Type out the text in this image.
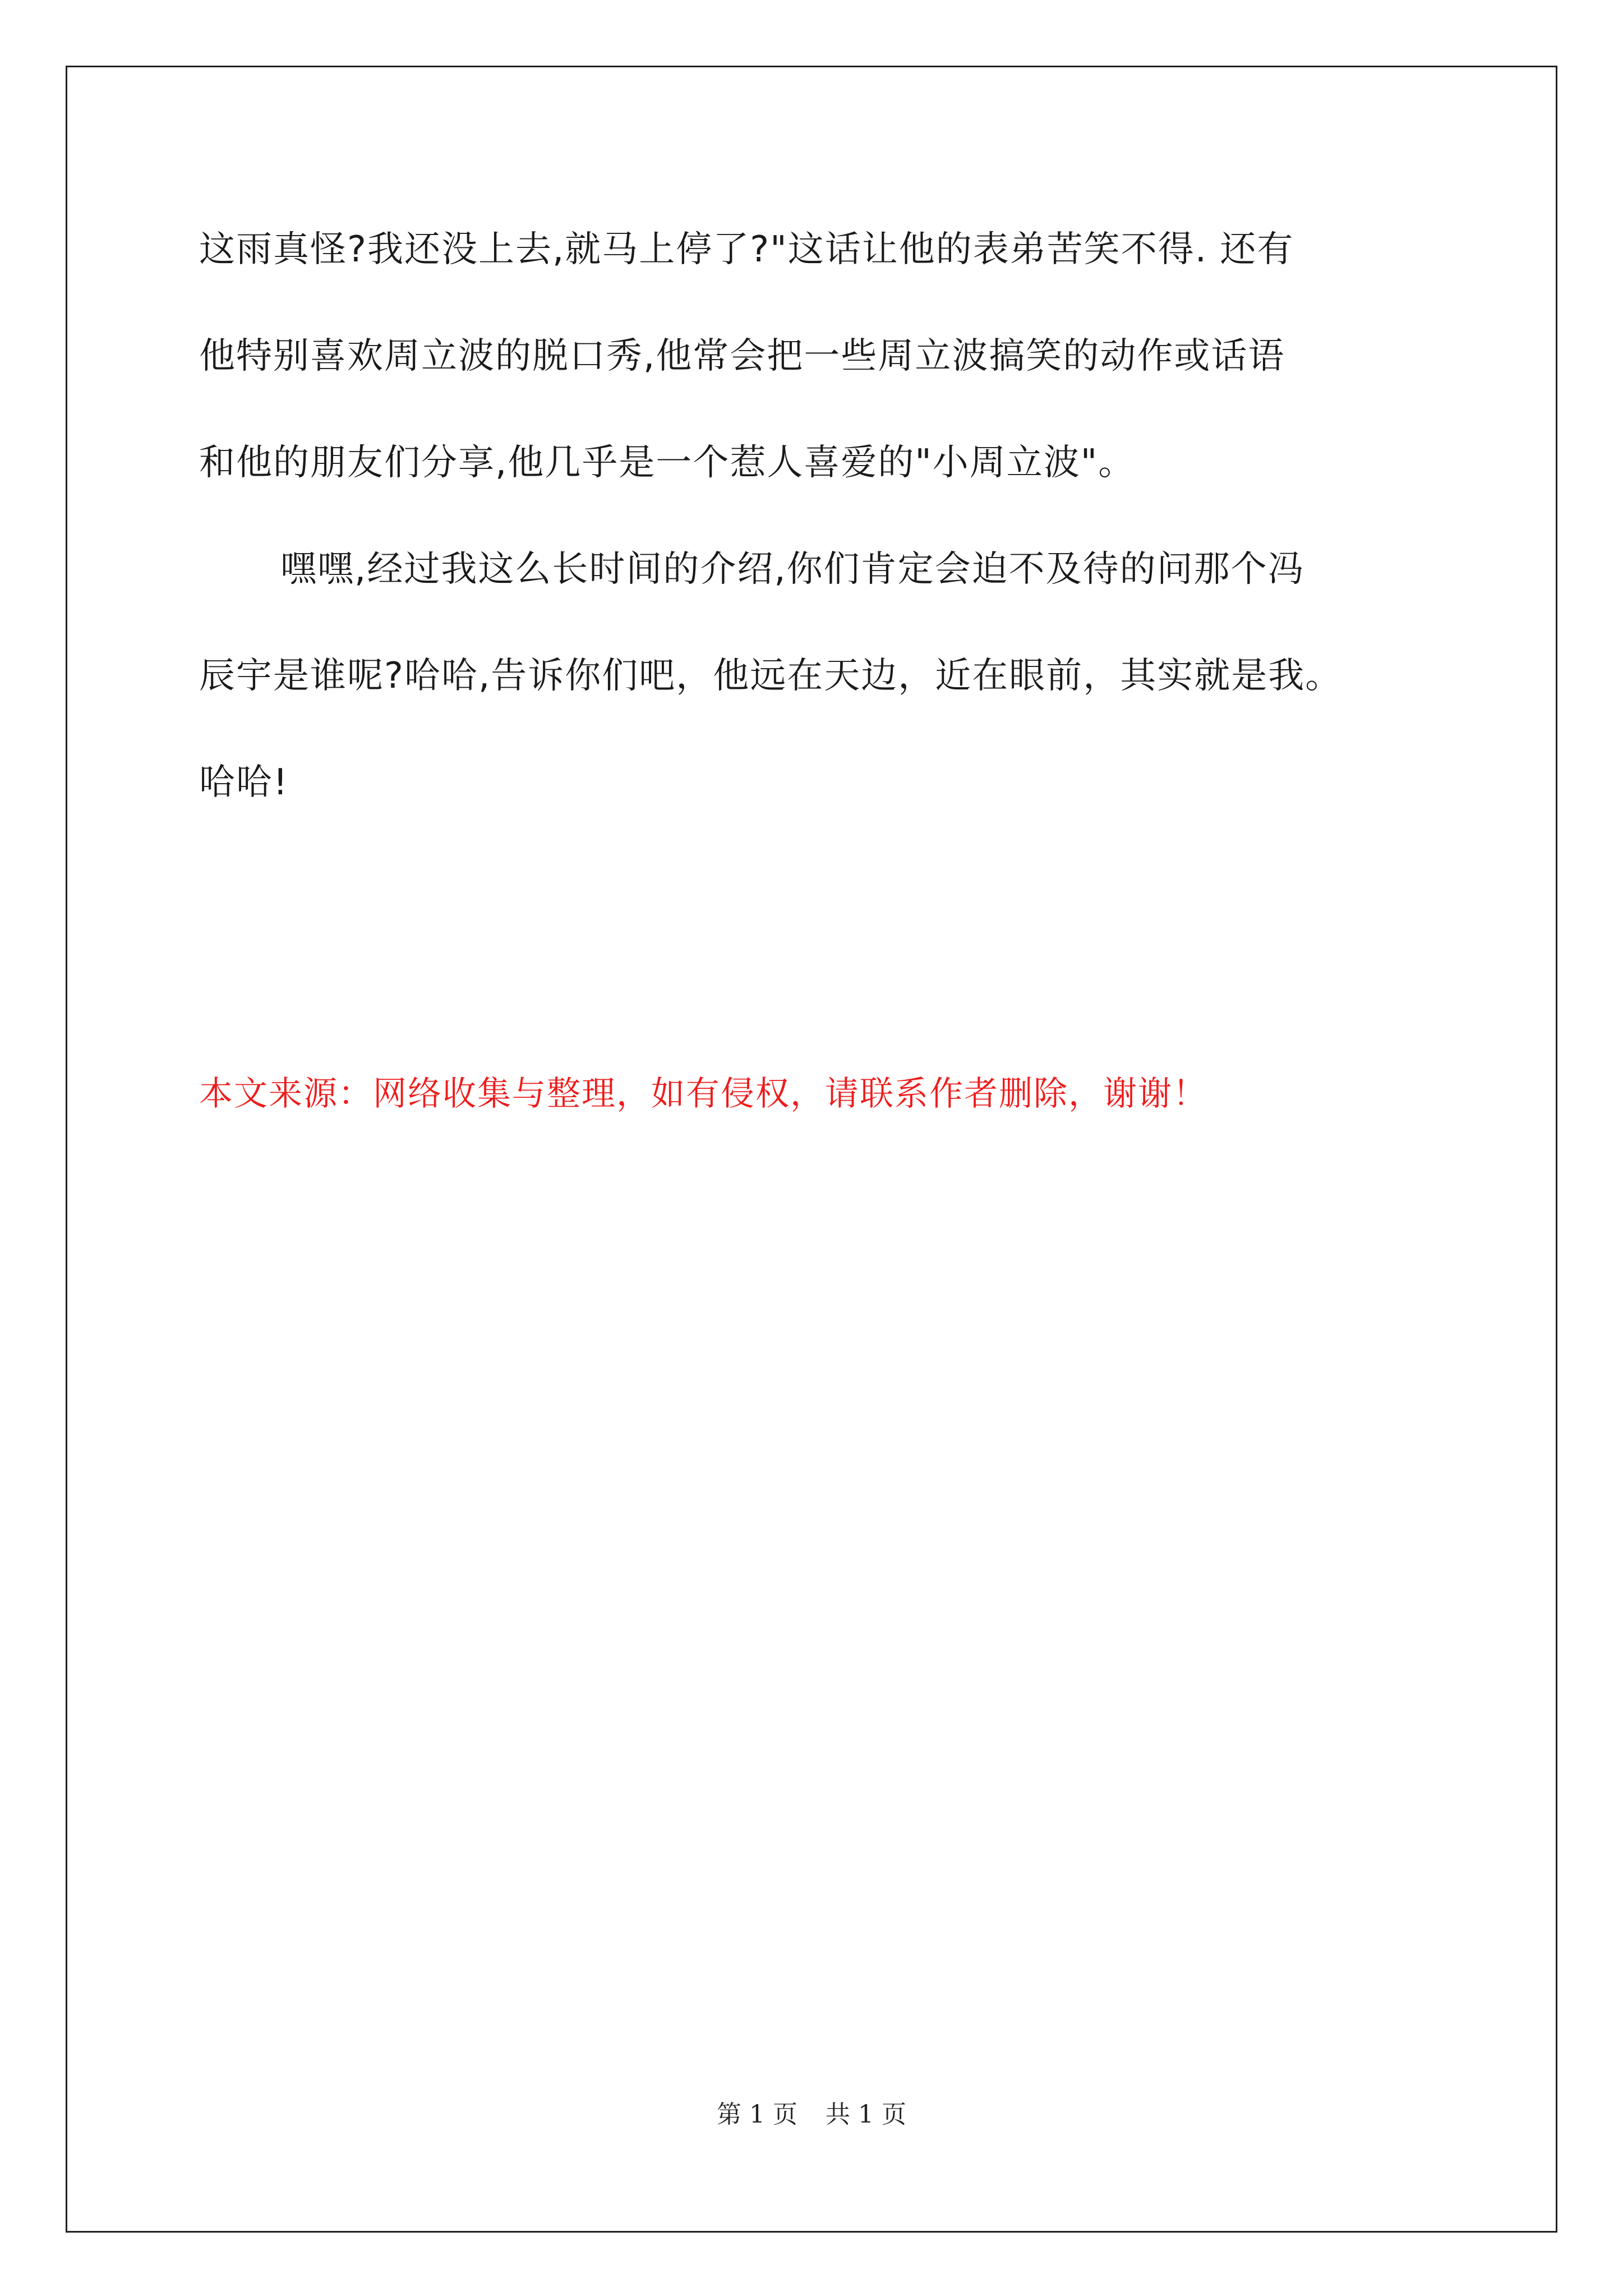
这雨真怪?我还没上去,就马上停了?"这话让他的表弟苦笑不得. 还有
他特别喜欢周立波的脱口秀,他常会把一些周立波搞笑的动作或话语
和他的朋友们分享,他几乎是一个惹人喜爱的"小周立波"。
嘿嘿,经过我这么长时间的介绍,你们肯定会迫不及待的问那个冯
辰宇是谁呢?哈哈,告诉你们吧，他远在天边，近在眼前，其实就是我。
哈哈!
本文来源：网络收集与整理，如有侵权，请联系作者删除，谢谢！
第 1 页 共 1 页
